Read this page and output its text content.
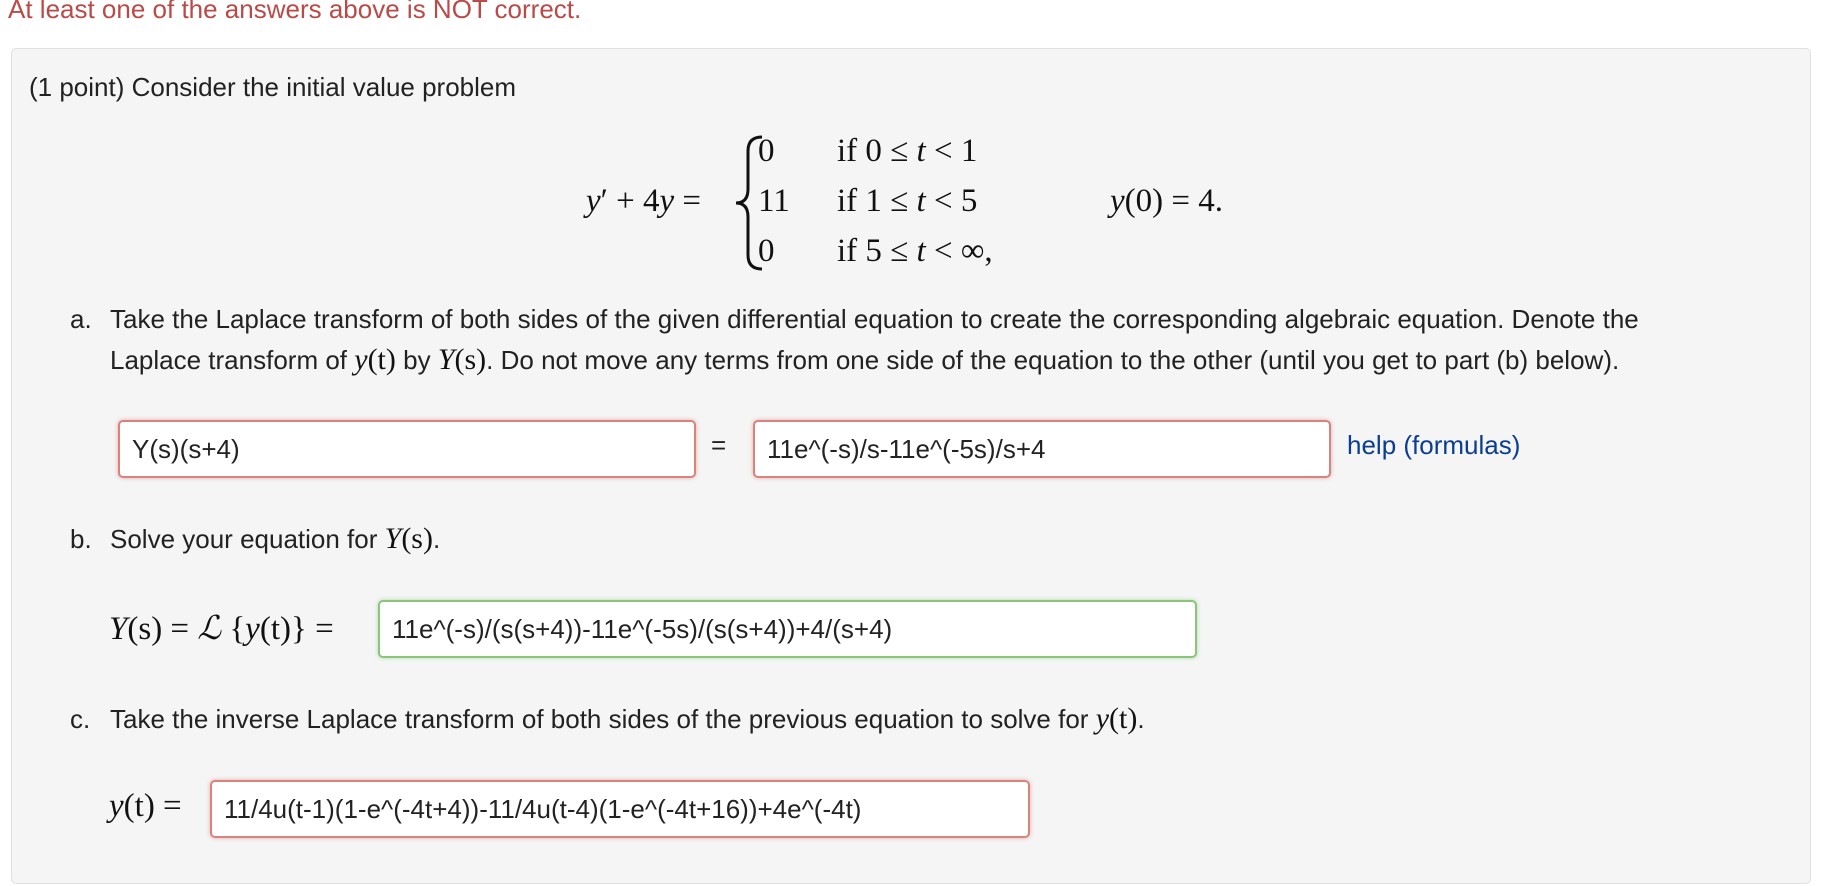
At least one of the answers above is NOT correct.
(1 point) Consider the initial value problem
y′ + 4y =
0
11
0
if 0 ≤ t < 1
if 1 ≤ t < 5
if 5 ≤ t < ∞,
y(0) = 4.
a. Take the Laplace transform of both sides of the given differential equation to create the corresponding algebraic equation. Denote the
Laplace transform of y(t) by Y(s). Do not move any terms from one side of the equation to the other (until you get to part (b) below).
Y(s)(s+4)
=
11e^(-s)/s-11e^(-5s)/s+4	help (formulas)
b. Solve your equation for Y(s).
Y(s) = ℒ {y(t)} =
11e^(-s)/(s(s+4))-11e^(-5s)/(s(s+4))+4/(s+4)
c. Take the inverse Laplace transform of both sides of the previous equation to solve for y(t).
y(t) =
11/4u(t-1)(1-e^(-4t+4))-11/4u(t-4)(1-e^(-4t+16))+4e^(-4t)
